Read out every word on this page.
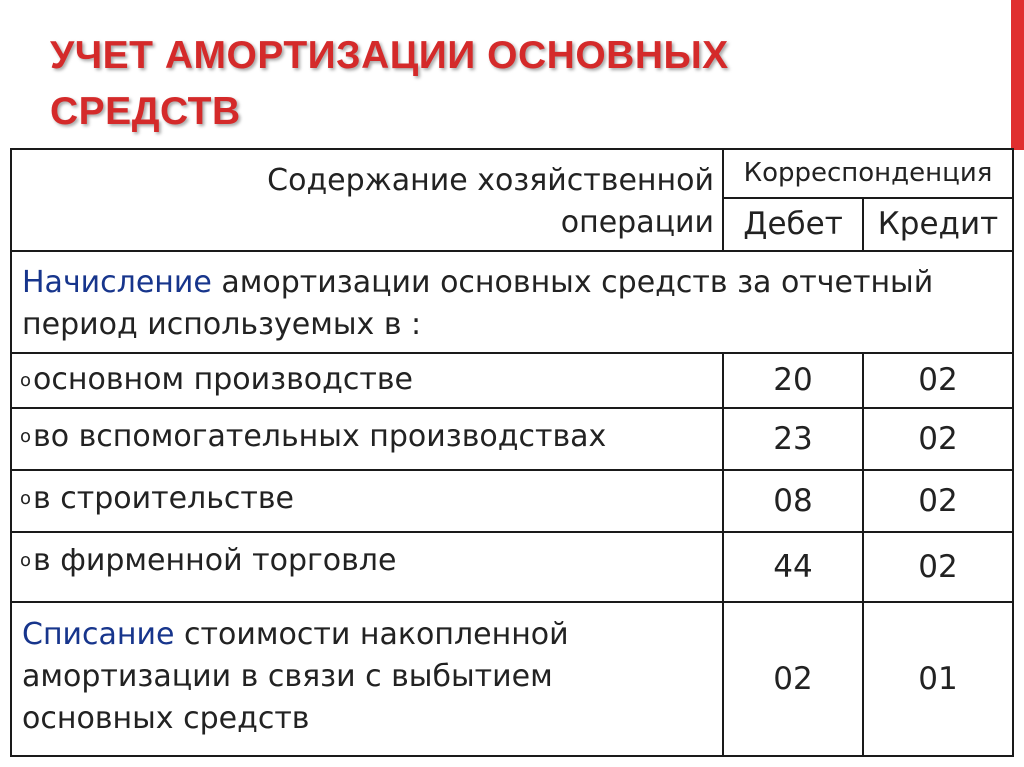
УЧЕТ АМОРТИЗАЦИИ ОСНОВНЫХ
СРЕДСТВ
Содержание хозяйственной
операции	Корреспонденция	
	Дебет	Кредит
Начисление амортизации основных средств за отчетный период используемых в :		
oосновном производстве	20	02
oво вспомогательных производствах	23	02
oв строительстве	08	02
oв фирменной торговле	44	02
Списание стоимости накопленной амортизации в связи с выбытием основных средств	02	01
